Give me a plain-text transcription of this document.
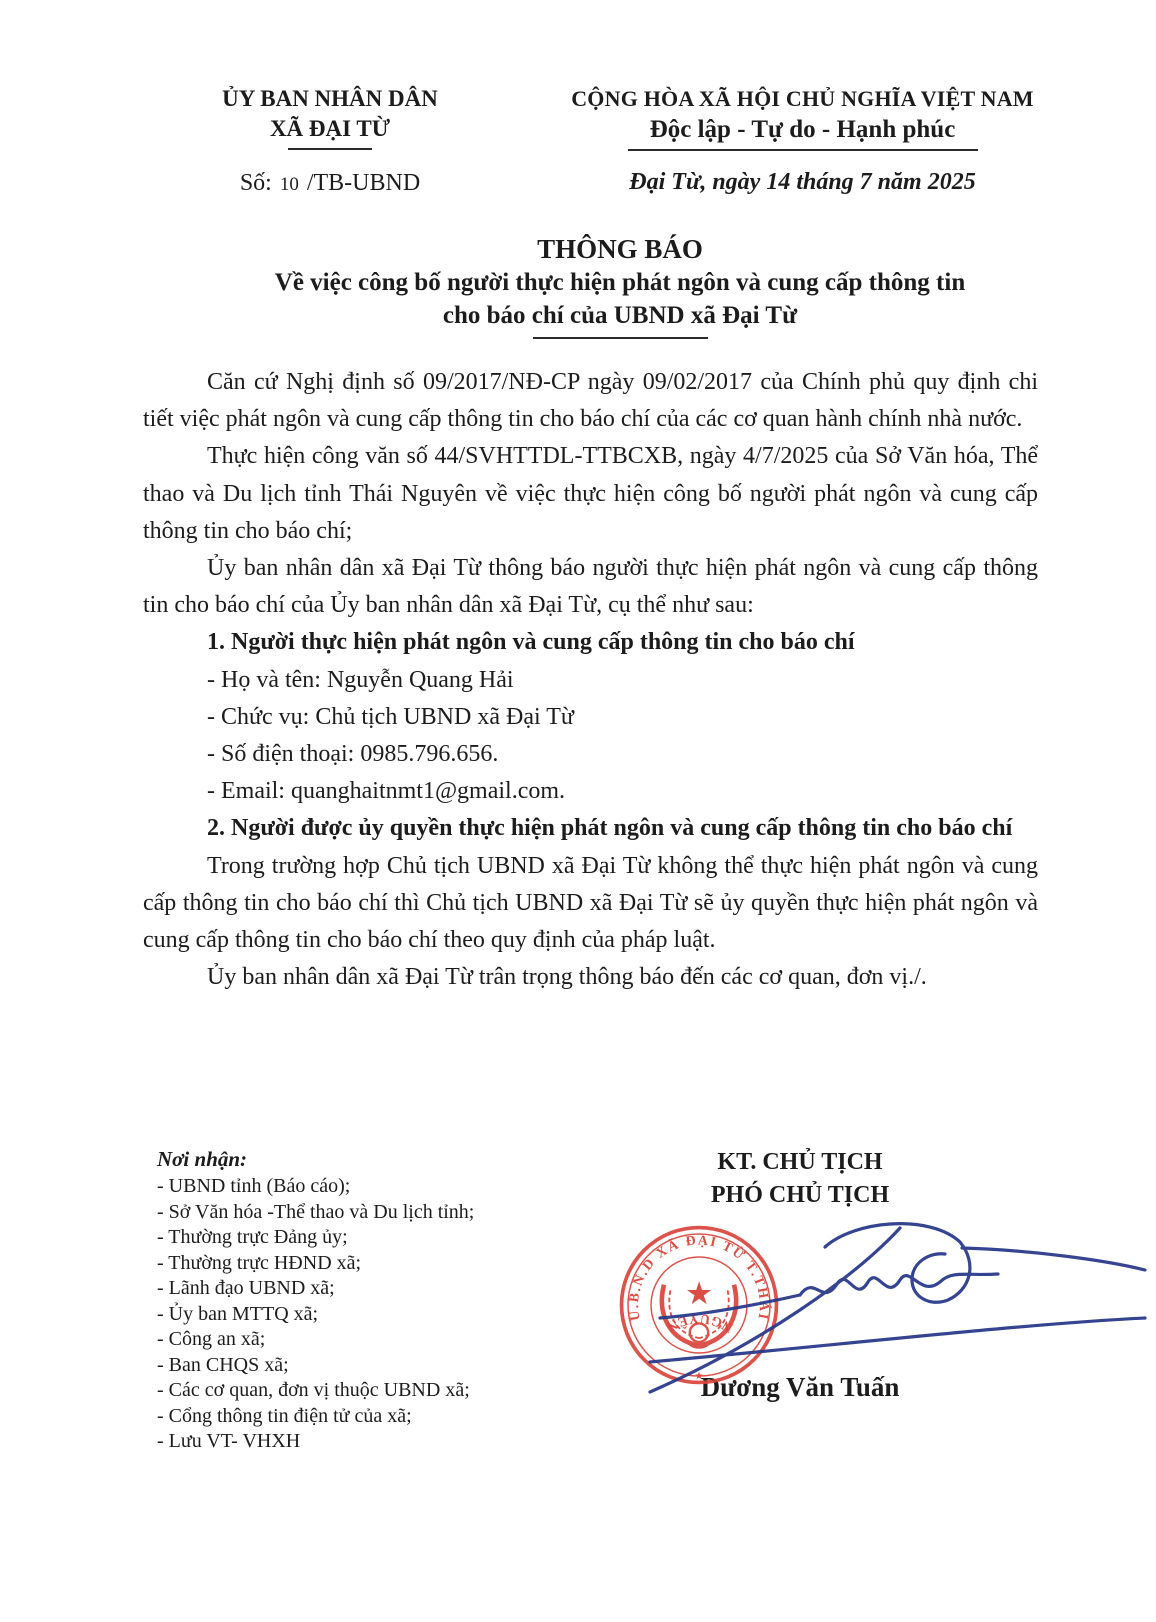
ỦY BAN NHÂN DÂN
XÃ ĐẠI TỪ
Số: 10 /TB-UBND
CỘNG HÒA XÃ HỘI CHỦ NGHĨA VIỆT NAM
Độc lập - Tự do - Hạnh phúc
Đại Từ, ngày 14 tháng 7 năm 2025
THÔNG BÁO
Về việc công bố người thực hiện phát ngôn và cung cấp thông tin
cho báo chí của UBND xã Đại Từ

Căn cứ Nghị định số 09/2017/NĐ-CP ngày 09/02/2017 của Chính phủ quy định chi tiết việc phát ngôn và cung cấp thông tin cho báo chí của các cơ quan hành chính nhà nước.

Thực hiện công văn số 44/SVHTTDL-TTBCXB, ngày 4/7/2025 của Sở Văn hóa, Thể thao và Du lịch tỉnh Thái Nguyên về việc thực hiện công bố người phát ngôn và cung cấp thông tin cho báo chí;

Ủy ban nhân dân xã Đại Từ thông báo người thực hiện phát ngôn và cung cấp thông tin cho báo chí của Ủy ban nhân dân xã Đại Từ, cụ thể như sau:

1. Người thực hiện phát ngôn và cung cấp thông tin cho báo chí

- Họ và tên: Nguyễn Quang Hải

- Chức vụ: Chủ tịch UBND xã Đại Từ

- Số điện thoại: 0985.796.656.

- Email: quanghaitnmt1@gmail.com.

2. Người được ủy quyền thực hiện phát ngôn và cung cấp thông tin cho báo chí

Trong trường hợp Chủ tịch UBND xã Đại Từ không thể thực hiện phát ngôn và cung cấp thông tin cho báo chí thì Chủ tịch UBND xã Đại Từ sẽ ủy quyền thực hiện phát ngôn và cung cấp thông tin cho báo chí theo quy định của pháp luật.

Ủy ban nhân dân xã Đại Từ trân trọng thông báo đến các cơ quan, đơn vị./.

Nơi nhận:
- UBND tỉnh (Báo cáo);
- Sở Văn hóa -Thể thao và Du lịch tỉnh;
- Thường trực Đảng ủy;
- Thường trực HĐND xã;
- Lãnh đạo UBND xã;
- Ủy ban MTTQ xã;
- Công an xã;
- Ban CHQS xã;
- Các cơ quan, đơn vị thuộc UBND xã;
- Cổng thông tin điện tử của xã;
- Lưu VT- VHXH
KT. CHỦ TỊCH
PHÓ CHỦ TỊCH
Dương Văn Tuấn
U.B.N.D XÃ ĐẠI TỪ T.THÁI
NGUYÊN
★
★
